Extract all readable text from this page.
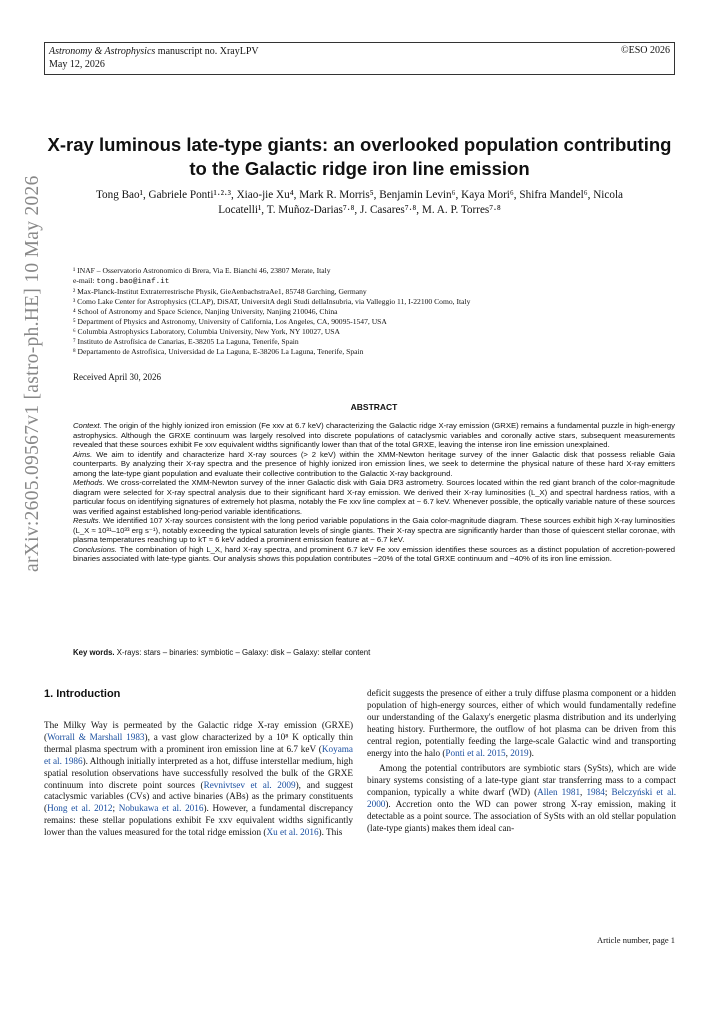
Astronomy & Astrophysics manuscript no. XrayLPV
May 12, 2026
©ESO 2026
arXiv:2605.09567v1 [astro-ph.HE] 10 May 2026
X-ray luminous late-type giants: an overlooked population contributing to the Galactic ridge iron line emission
Tong Bao¹, Gabriele Ponti¹·²·³, Xiao-jie Xu⁴, Mark R. Morris⁵, Benjamin Levin⁶, Kaya Mori⁶, Shifra Mandel⁶, Nicola
Locatelli¹, T. Muñoz-Darias⁷·⁸, J. Casares⁷·⁸, M. A. P. Torres⁷·⁸
¹ INAF – Osservatorio Astronomico di Brera, Via E. Bianchi 46, 23807 Merate, Italy
e-mail: tong.bao@inaf.it
² Max-Planck-Institut Extraterrestrische Physik, GieAenbachstraAe1, 85748 Garching, Germany
³ Como Lake Center for Astrophysics (CLAP), DiSAT, UniversitA degli Studi dellaInsubria, via Valleggio 11, I-22100 Como, Italy
⁴ School of Astronomy and Space Science, Nanjing University, Nanjing 210046, China
⁵ Department of Physics and Astronomy, University of California, Los Angeles, CA, 90095-1547, USA
⁶ Columbia Astrophysics Laboratory, Columbia University, New York, NY 10027, USA
⁷ Instituto de Astrofísica de Canarias, E-38205 La Laguna, Tenerife, Spain
⁸ Departamento de Astrofísica, Universidad de La Laguna, E-38206 La Laguna, Tenerife, Spain
Received April 30, 2026
ABSTRACT

Context. The origin of the highly ionized iron emission (Fe xxv at 6.7 keV) characterizing the Galactic ridge X-ray emission (GRXE) remains a fundamental puzzle in high-energy astrophysics. Although the GRXE continuum was largely resolved into discrete populations of cataclysmic variables and coronally active stars, subsequent measurements revealed that these sources exhibit Fe xxv equivalent widths significantly lower than that of the total GRXE, leaving the intense iron line emission unexplained.

Aims. We aim to identify and characterize hard X-ray sources (> 2 keV) within the XMM-Newton heritage survey of the inner Galactic disk that possess reliable Gaia counterparts. By analyzing their X-ray spectra and the presence of highly ionized iron emission lines, we seek to determine the physical nature of these hard X-ray emitters among the late-type giant population and evaluate their collective contribution to the Galactic X-ray background.

Methods. We cross-correlated the XMM-Newton survey of the inner Galactic disk with Gaia DR3 astrometry. Sources located within the red giant branch of the color-magnitude diagram were selected for X-ray spectral analysis due to their significant hard X-ray emission. We derived their X-ray luminosities (L_X) and spectral hardness ratios, with a particular focus on identifying signatures of extremely hot plasma, notably the Fe xxv line complex at ~ 6.7 keV. Whenever possible, the optically variable nature of these sources was verified against established long-period variable identifications.

Results. We identified 107 X-ray sources consistent with the long period variable populations in the Gaia color-magnitude diagram. These sources exhibit high X-ray luminosities (L_X ≈ 10³¹–10³³ erg s⁻¹), notably exceeding the typical saturation levels of single giants. Their X-ray spectra are significantly harder than those of quiescent stellar coronae, with plasma temperatures reaching up to kT ≈ 6 keV added a prominent emission feature at ~ 6.7 keV.

Conclusions. The combination of high L_X, hard X-ray spectra, and prominent 6.7 keV Fe xxv emission identifies these sources as a distinct population of accretion-powered binaries associated with late-type giants. Our analysis shows this population contributes ~20% of the total GRXE continuum and ~40% of its iron line emission.

Key words. X-rays: stars – binaries: symbiotic – Galaxy: disk – Galaxy: stellar content
1. Introduction

The Milky Way is permeated by the Galactic ridge X-ray emission (GRXE) (Worrall & Marshall 1983), a vast glow characterized by a 10⁸ K optically thin thermal plasma spectrum with a prominent iron emission line at 6.7 keV (Koyama et al. 1986). Although initially interpreted as a hot, diffuse interstellar medium, high spatial resolution observations have successfully resolved the bulk of the GRXE continuum into discrete point sources (Revnivtsev et al. 2009), and suggest cataclysmic variables (CVs) and active binaries (ABs) as the primary constituents (Hong et al. 2012; Nobukawa et al. 2016). However, a fundamental discrepancy remains: these stellar populations exhibit Fe xxv equivalent widths significantly lower than the values measured for the total ridge emission (Xu et al. 2016). This

deficit suggests the presence of either a truly diffuse plasma component or a hidden population of high-energy sources, either of which would fundamentally redefine our understanding of the Galaxy's energetic plasma distribution and its underlying heating history. Furthermore, the outflow of hot plasma can be driven from this central region, potentially feeding the large-scale Galactic wind and transporting energy into the halo (Ponti et al. 2015, 2019).

Among the potential contributors are symbiotic stars (SySts), which are wide binary systems consisting of a late-type giant star transferring mass to a compact companion, typically a white dwarf (WD) (Allen 1981, 1984; Belczyński et al. 2000). Accretion onto the WD can power strong X-ray emission, making it detectable as a point source. The association of SySts with an old stellar population (late-type giants) makes them ideal can-

Article number, page 1
